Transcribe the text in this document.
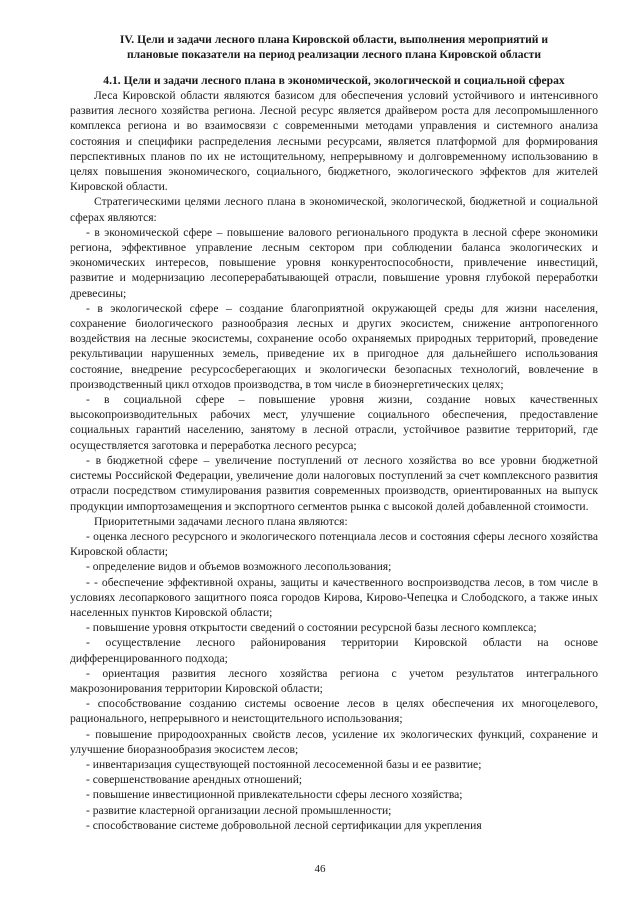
IV. Цели и задачи лесного плана Кировской области, выполнения мероприятий и
плановые показатели на период реализации лесного плана Кировской области
4.1. Цели и задачи лесного плана в экономической, экологической и социальной сферах

Леса Кировской области являются базисом для обеспечения условий устойчивого и интенсивного развития лесного хозяйства региона. Лесной ресурс является драйвером роста для лесопромышленного комплекса региона и во взаимосвязи с современными методами управления и системного анализа состояния и специфики распределения лесными ресурсами, является платформой для формирования перспективных планов по их не истощительному, непрерывному и долговременному использованию в целях повышения экономического, социального, бюджетного, экологического эффектов для жителей Кировской области.

Стратегическими целями лесного плана в экономической, экологической, бюджетной и социальной сферах являются:

- в экономической сфере – повышение валового регионального продукта в лесной сфере экономики региона, эффективное управление лесным сектором при соблюдении баланса экологических и экономических интересов, повышение уровня конкурентоспособности, привлечение инвестиций, развитие и модернизацию лесоперерабатывающей отрасли, повышение уровня глубокой переработки древесины;

- в экологической сфере – создание благоприятной окружающей среды для жизни населения, сохранение биологического разнообразия лесных и других экосистем, снижение антропогенного воздействия на лесные экосистемы, сохранение особо охраняемых природных территорий, проведение рекультивации нарушенных земель, приведение их в пригодное для дальнейшего использования состояние, внедрение ресурсосберегающих и экологически безопасных технологий, вовлечение в производственный цикл отходов производства, в том числе в биоэнергетических целях;

- в социальной сфере – повышение уровня жизни, создание новых качественных высокопроизводительных рабочих мест, улучшение социального обеспечения, предоставление социальных гарантий населению, занятому в лесной отрасли, устойчивое развитие территорий, где осуществляется заготовка и переработка лесного ресурса;

- в бюджетной сфере – увеличение поступлений от лесного хозяйства во все уровни бюджетной системы Российской Федерации, увеличение доли налоговых поступлений за счет комплексного развития отрасли посредством стимулирования развития современных производств, ориентированных на выпуск продукции импортозамещения и экспортного сегментов рынка с высокой долей добавленной стоимости.

Приоритетными задачами лесного плана являются:

- оценка лесного ресурсного и экологического потенциала лесов и состояния сферы лесного хозяйства Кировской области;

- определение видов и объемов возможного лесопользования;

- - обеспечение эффективной охраны, защиты и качественного воспроизводства лесов, в том числе в условиях лесопаркового защитного пояса городов Кирова, Кирово-Чепецка и Слободского, а также иных населенных пунктов Кировской области;

- повышение уровня открытости сведений о состоянии ресурсной базы лесного комплекса;

- осуществление лесного районирования территории Кировской области на основе дифференцированного подхода;

- ориентация развития лесного хозяйства региона с учетом результатов интегрального макрозонирования территории Кировской области;

- способствование созданию системы освоение лесов в целях обеспечения их многоцелевого, рационального, непрерывного и неистощительного использования;

- повышение природоохранных свойств лесов, усиление их экологических функций, сохранение и улучшение биоразнообразия экосистем лесов;

- инвентаризация существующей постоянной лесосеменной базы и ее развитие;

- совершенствование арендных отношений;

- повышение инвестиционной привлекательности сферы лесного хозяйства;

- развитие кластерной организации лесной промышленности;

- способствование системе добровольной лесной сертификации для укрепления

46
